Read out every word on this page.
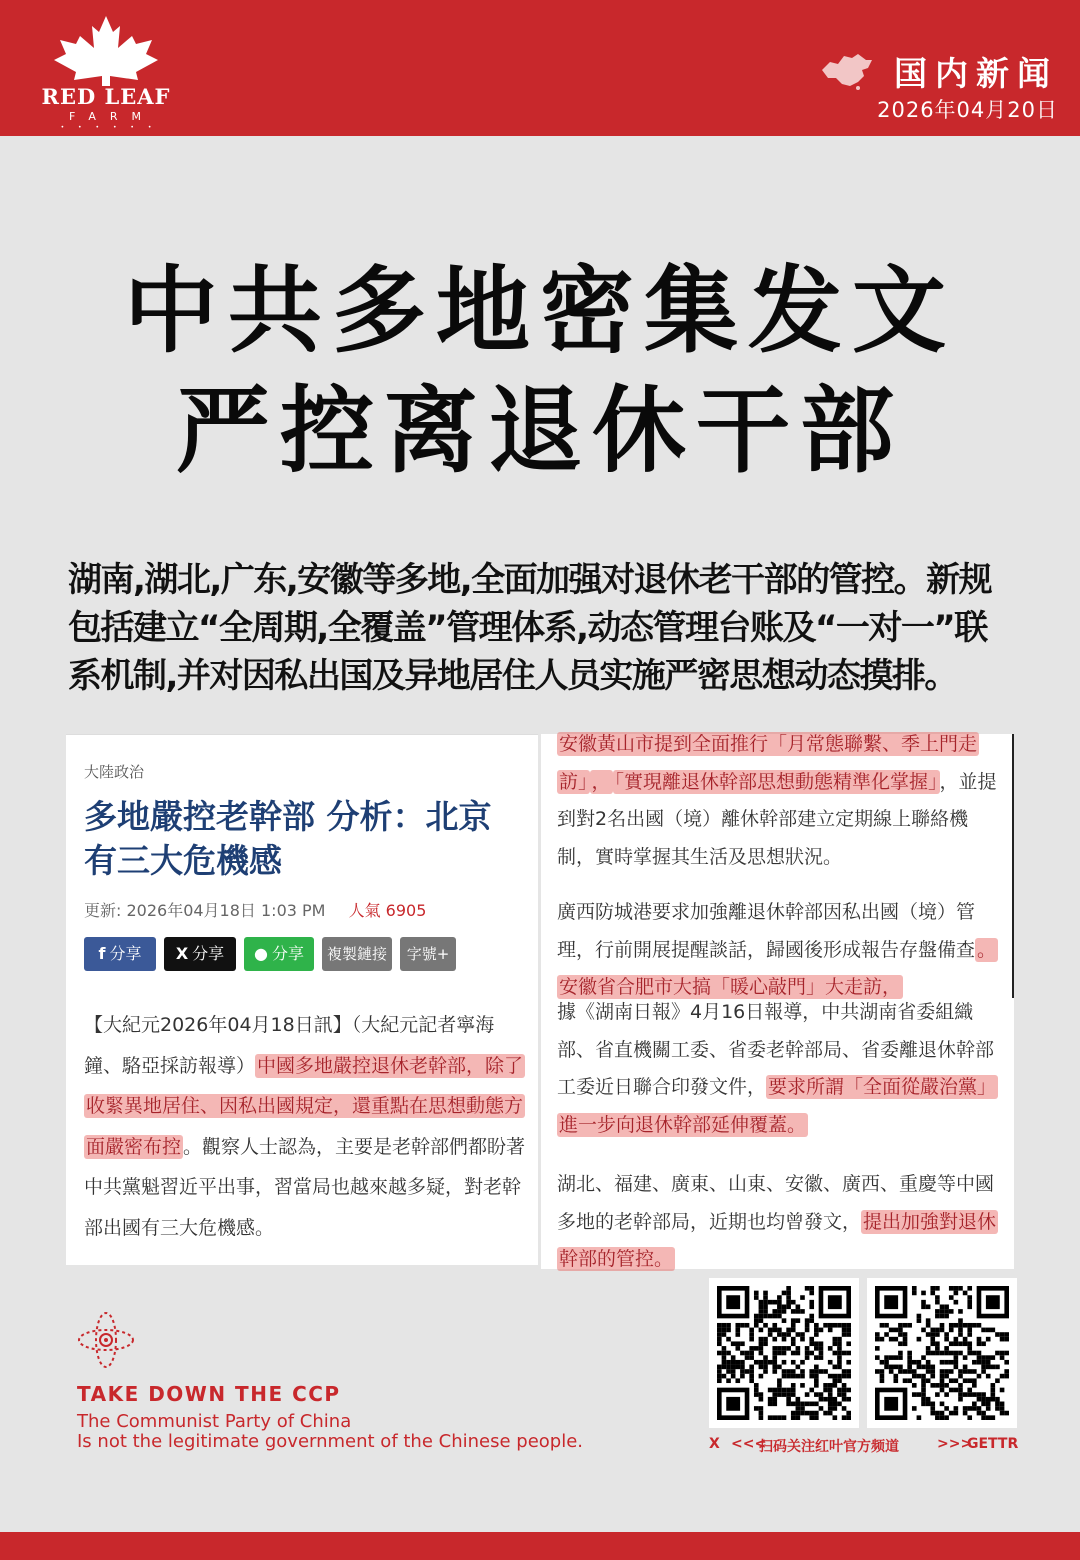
RED LEAF
FARM
• • • • • •
国内新闻
2026年04月20日
中共多地密集发文
严控离退休干部
湖南,湖北,广东,安徽等多地,全面加强对退休老干部的管控。新规包括建立“全周期,全覆盖”管理体系,动态管理台账及“一对一”联系机制,并对因私出国及异地居住人员实施严密思想动态摸排。
大陸政治
多地嚴控老幹部 分析：北京有三大危機感
更新: 2026年04月18日 1:03 PM 人氣 6905
f 分享	X 分享	● 分享	複製鏈接	字號+
【大紀元2026年04月18日訊】（大紀元記者寧海鐘、駱亞採訪報導） 中國多地嚴控退休老幹部，除了收緊異地居住、因私出國規定，還重點在思想動態方面嚴密布控 。觀察人士認為，主要是老幹部們都盼著中共黨魁習近平出事，習當局也越來越多疑，對老幹部出國有三大危機感。
安徽黃山市提到全面推行「月常態聯繫、季上門走訪」 ， 「實現離退休幹部思想動態精準化掌握」 ，並提到對2名出國（境）離休幹部建立定期線上聯絡機制，實時掌握其生活及思想狀況。
廣西防城港要求加強離退休幹部因私出國（境）管理，行前開展提醒談話，歸國後形成報告存盤備查 。安徽省合肥市大搞「暖心敲門」大走訪，
據《湖南日報》4月16日報導，中共湖南省委組織部、省直機關工委、省委老幹部局、省委離退休幹部工委近日聯合印發文件， 要求所謂「全面從嚴治黨」進一步向退休幹部延伸覆蓋。
湖北、福建、廣東、山東、安徽、廣西、重慶等中國多地的老幹部局，近期也均曾發文， 提出加強對退休幹部的管控。
TAKE DOWN THE CCP
The Communist Party of China
Is not the legitimate government of the Chinese people.	X <<<
扫码关注红叶官方频道	>>>
GETTR
